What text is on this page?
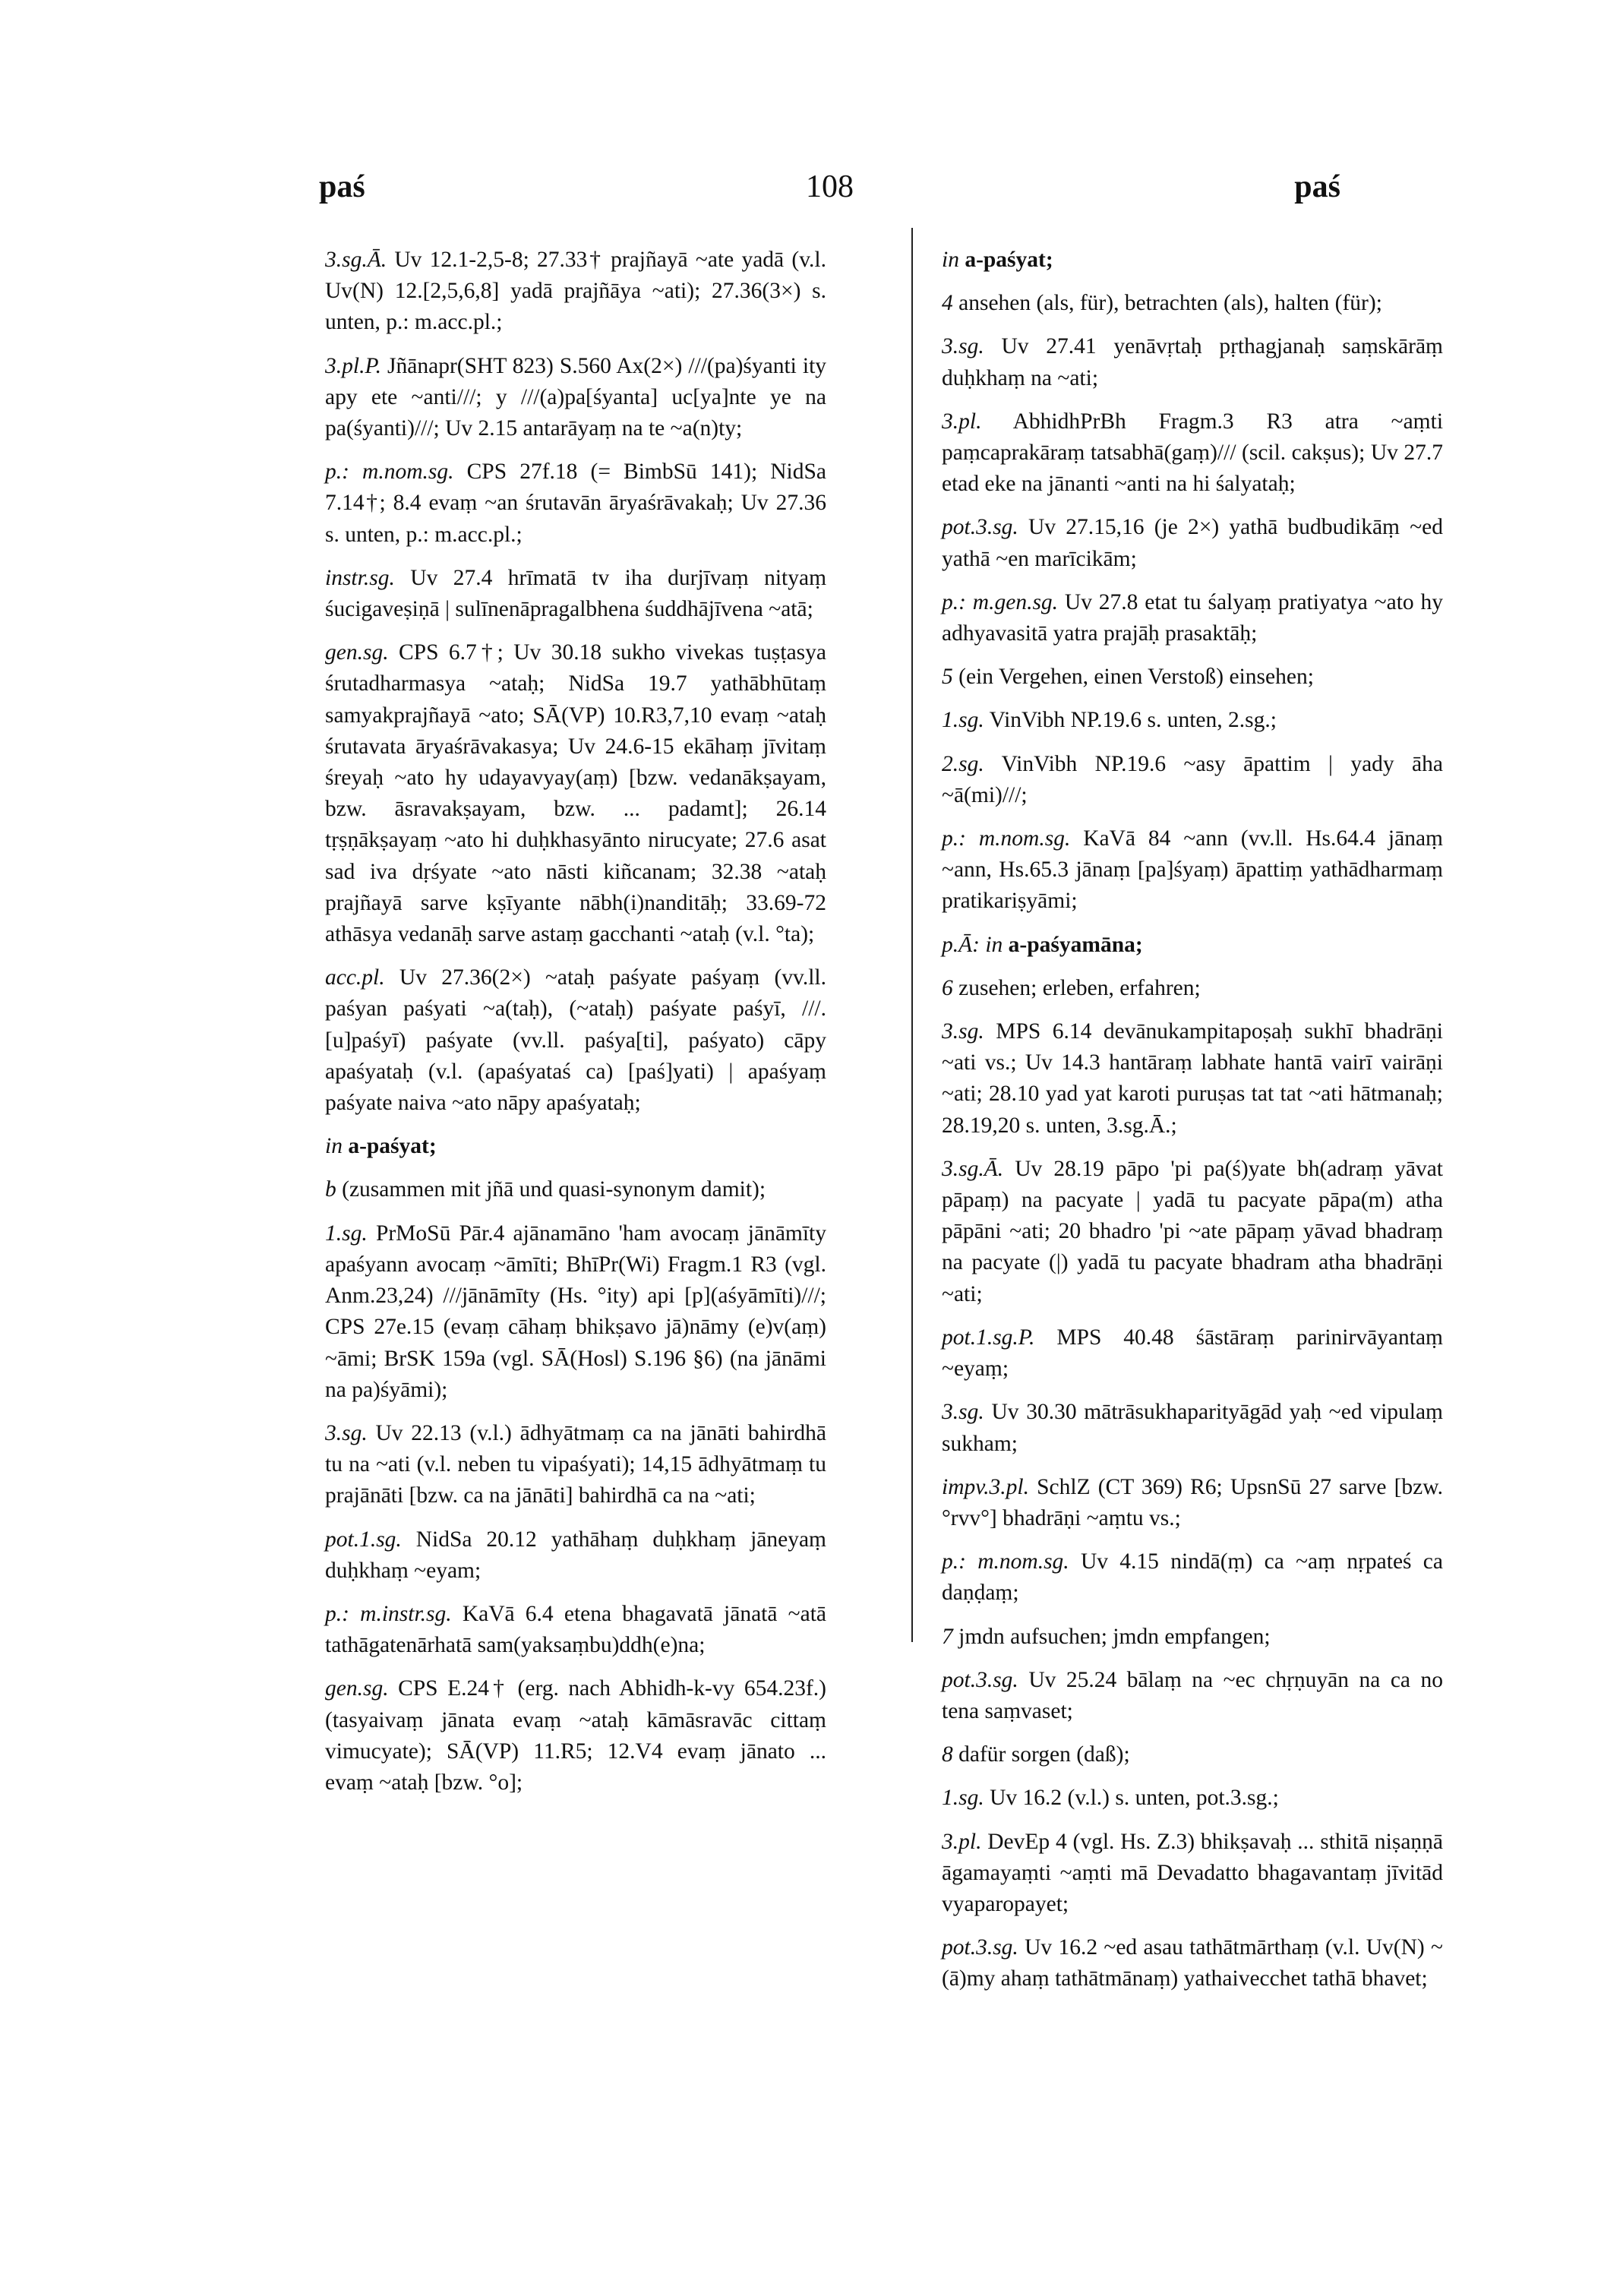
paś	108	paś

3.sg.Ā. Uv 12.1-2,5-8; 27.33† prajñayā ~ate yadā (v.l. Uv(N) 12.[2,5,6,8] yadā prajñāya ~ati); 27.36(3×) s. unten, p.: m.acc.pl.;

3.pl.P. Jñānapr(SHT 823) S.560 Ax(2×) ///(pa)śyanti ity apy ete ~anti///; y ///(a)pa[śyanta] uc[ya]nte ye na pa(śyanti)///; Uv 2.15 antarāyaṃ na te ~a(n)ty;

p.: m.nom.sg. CPS 27f.18 (= BimbSū 141); NidSa 7.14†; 8.4 evaṃ ~an śrutavān āryaśrāvakaḥ; Uv 27.36 s. unten, p.: m.acc.pl.;

instr.sg. Uv 27.4 hrīmatā tv iha durjīvaṃ nityaṃ śucigaveṣiṇā | sulīnenāpragalbhena śuddhājīvena ~atā;

gen.sg. CPS 6.7†; Uv 30.18 sukho vivekas tuṣṭasya śrutadharmasya ~ataḥ; NidSa 19.7 yathābhūtaṃ samyakprajñayā ~ato; SĀ(VP) 10.R3,7,10 evaṃ ~ataḥ śrutavata āryaśrāvakasya; Uv 24.6-15 ekāhaṃ jīvitaṃ śreyaḥ ~ato hy udayavyay(aṃ) [bzw. vedanākṣayam, bzw. āsravakṣayam, bzw. ... padamt]; 26.14 tṛṣṇākṣayaṃ ~ato hi duḥkhasyānto nirucyate; 27.6 asat sad iva dṛśyate ~ato nāsti kiñcanam; 32.38 ~ataḥ prajñayā sarve kṣīyante nābh(i)nanditāḥ; 33.69-72 athāsya vedanāḥ sarve astaṃ gacchanti ~ataḥ (v.l. °ta);

acc.pl. Uv 27.36(2×) ~ataḥ paśyate paśyaṃ (vv.ll. paśyan paśyati ~a(taḥ), (~ataḥ) paśyate paśyī, ///.[u]paśyī) paśyate (vv.ll. paśya[ti], paśyato) cāpy apaśyataḥ (v.l. (apaśyataś ca) [paś]yati) | apaśyaṃ paśyate naiva ~ato nāpy apaśyataḥ;

in a-paśyat;

b (zusammen mit jñā und quasi-synonym damit);

1.sg. PrMoSū Pār.4 ajānamāno 'ham avocaṃ jānāmīty apaśyann avocaṃ ~āmīti; BhīPr(Wi) Fragm.1 R3 (vgl. Anm.23,24) ///jānāmīty (Hs. °ity) api [p](aśyāmīti)///; CPS 27e.15 (evaṃ cāhaṃ bhikṣavo jā)nāmy (e)v(aṃ) ~āmi; BrSK 159a (vgl. SĀ(Hosl) S.196 §6) (na jānāmi na pa)śyāmi);

3.sg. Uv 22.13 (v.l.) ādhyātmaṃ ca na jānāti bahirdhā tu na ~ati (v.l. neben tu vipaśyati); 14,15 ādhyātmaṃ tu prajānāti [bzw. ca na jānāti] bahirdhā ca na ~ati;

pot.1.sg. NidSa 20.12 yathāhaṃ duḥkhaṃ jāneyaṃ duḥkhaṃ ~eyam;

p.: m.instr.sg. KaVā 6.4 etena bhagavatā jānatā ~atā tathāgatenārhatā sam(yaksaṃbu)ddh(e)na;

gen.sg. CPS E.24† (erg. nach Abhidh-k-vy 654.23f.) (tasyaivaṃ jānata evaṃ ~ataḥ kāmāsravāc cittaṃ vimucyate); SĀ(VP) 11.R5; 12.V4 evaṃ jānato ... evaṃ ~ataḥ [bzw. °o];

in a-paśyat;

4 ansehen (als, für), betrachten (als), halten (für);

3.sg. Uv 27.41 yenāvṛtaḥ pṛthagjanaḥ saṃskārāṃ duḥkhaṃ na ~ati;

3.pl. AbhidhPrBh Fragm.3 R3 atra ~aṃti paṃcaprakāraṃ tatsabhā(gaṃ)/// (scil. cakṣus); Uv 27.7 etad eke na jānanti ~anti na hi śalyataḥ;

pot.3.sg. Uv 27.15,16 (je 2×) yathā budbudikāṃ ~ed yathā ~en marīcikām;

p.: m.gen.sg. Uv 27.8 etat tu śalyaṃ pratiyatya ~ato hy adhyavasitā yatra prajāḥ prasaktāḥ;

5 (ein Vergehen, einen Verstoß) einsehen;

1.sg. VinVibh NP.19.6 s. unten, 2.sg.;

2.sg. VinVibh NP.19.6 ~asy āpattim | yady āha ~ā(mi)///;

p.: m.nom.sg. KaVā 84 ~ann (vv.ll. Hs.64.4 jānaṃ ~ann, Hs.65.3 jānaṃ [pa]śyaṃ) āpattiṃ yathādharmaṃ pratikariṣyāmi;

p.Ā: in a-paśyamāna;

6 zusehen; erleben, erfahren;

3.sg. MPS 6.14 devānukampitapoṣaḥ sukhī bhadrāṇi ~ati vs.; Uv 14.3 hantāraṃ labhate hantā vairī vairāṇi ~ati; 28.10 yad yat karoti puruṣas tat tat ~ati hātmanaḥ; 28.19,20 s. unten, 3.sg.Ā.;

3.sg.Ā. Uv 28.19 pāpo 'pi pa(ś)yate bh(adraṃ yāvat pāpaṃ) na pacyate | yadā tu pacyate pāpa(m) atha pāpāni ~ati; 20 bhadro 'pi ~ate pāpaṃ yāvad bhadraṃ na pacyate (|) yadā tu pacyate bhadram atha bhadrāṇi ~ati;

pot.1.sg.P. MPS 40.48 śāstāraṃ parinirvāyantaṃ ~eyaṃ;

3.sg. Uv 30.30 mātrāsukhaparityāgād yaḥ ~ed vipulaṃ sukham;

impv.3.pl. SchlZ (CT 369) R6; UpsnSū 27 sarve [bzw. °rvv°] bhadrāṇi ~aṃtu vs.;

p.: m.nom.sg. Uv 4.15 nindā(ṃ) ca ~aṃ nṛpateś ca daṇḍaṃ;

7 jmdn aufsuchen; jmdn empfangen;

pot.3.sg. Uv 25.24 bālaṃ na ~ec chṛṇuyān na ca no tena saṃvaset;

8 dafür sorgen (daß);

1.sg. Uv 16.2 (v.l.) s. unten, pot.3.sg.;

3.pl. DevEp 4 (vgl. Hs. Z.3) bhikṣavaḥ ... sthitā niṣaṇṇā āgamayaṃti ~aṃti mā Devadatto bhagavantaṃ jīvitād vyaparopayet;

pot.3.sg. Uv 16.2 ~ed asau tathātmārthaṃ (v.l. Uv(N) ~(ā)my ahaṃ tathātmānaṃ) yathaivecchet tathā bhavet;
